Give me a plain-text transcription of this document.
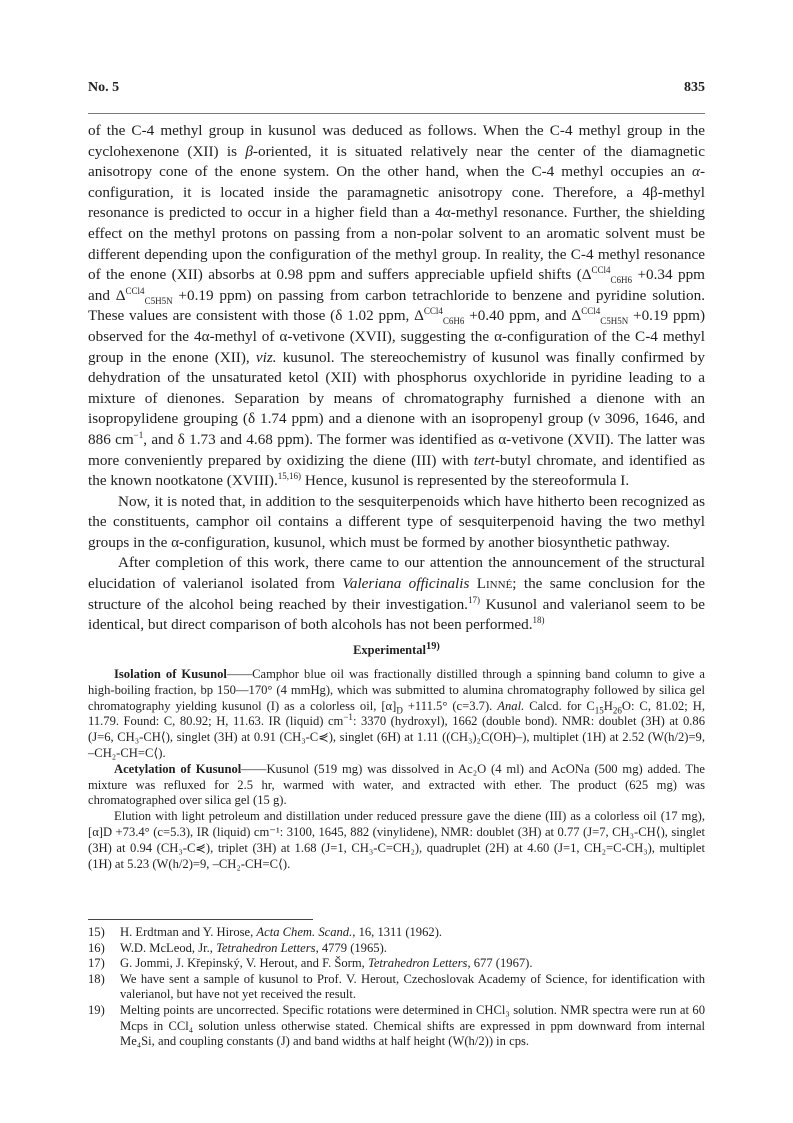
No. 5	835

of the C-4 methyl group in kusunol was deduced as follows. When the C-4 methyl group in the cyclohexenone (XII) is β-oriented, it is situated relatively near the center of the diamagnetic anisotropy cone of the enone system. On the other hand, when the C-4 methyl occupies an α-configuration, it is located inside the paramagnetic anisotropy cone. Therefore, a 4β-methyl resonance is predicted to occur in a higher field than a 4α-methyl resonance. Further, the shielding effect on the methyl protons on passing from a non-polar solvent to an aromatic solvent must be different depending upon the configuration of the methyl group. In reality, the C-4 methyl resonance of the enone (XII) absorbs at 0.98 ppm and suffers appreciable upfield shifts ($\Delta^{CCl4}_{C6H6} +0.34$ ppm and $\Delta^{CCl4}_{C5H5N} +0.19$ ppm) on passing from carbon tetrachloride to benzene and pyridine solution. These values are consistent with those (δ 1.02 ppm, $\Delta^{CCl4}_{C6H6} +0.40$ ppm, and $\Delta^{CCl4}_{C5H5N} +0.19$ ppm) observed for the 4α-methyl of α-vetivone (XVII), suggesting the α-configuration of the C-4 methyl group in the enone (XII), viz. kusunol. The stereochemistry of kusunol was finally confirmed by dehydration of the unsaturated ketol (XII) with phosphorus oxychloride in pyridine leading to a mixture of dienones. Separation by means of chromatography furnished a dienone with an isopropylidene grouping (δ 1.74 ppm) and a dienone with an isopropenyl group (ν 3096, 1646, and 886 $cm^{-1}$, and δ 1.73 and 4.68 ppm). The former was identified as α-vetivone (XVII). The latter was more conveniently prepared by oxidizing the diene (III) with tert-butyl chromate, and identified as the known nootkatone (XVIII).$^{15,16)}$ Hence, kusunol is represented by the stereoformula I.

Now, it is noted that, in addition to the sesquiterpenoids which have hitherto been recognized as the constituents, camphor oil contains a different type of sesquiterpenoid having the two methyl groups in the α-configuration, kusunol, which must be formed by another biosynthetic pathway.

After completion of this work, there came to our attention the announcement of the structural elucidation of valerianol isolated from Valeriana officinalis Linné; the same conclusion for the structure of the alcohol being reached by their investigation.$^{17)}$ Kusunol and valerianol seem to be identical, but direct comparison of both alcohols has not been performed.$^{18)}$

Experimental$^{19)}$

Isolation of Kusunol——Camphor blue oil was fractionally distilled through a spinning band column to give a high-boiling fraction, bp 150—170° (4 mmHg), which was submitted to alumina chromatography followed by silica gel chromatography yielding kusunol (I) as a colorless oil, $[\alpha]_D +111.5^\circ$ (c=3.7). Anal. Calcd. for $C_{15}H_{26}O$: C, 81.02; H, 11.79. Found: C, 80.92; H, 11.63. IR (liquid) $cm^{-1}$: 3370 (hydroxyl), 1662 (double bond). NMR: doublet (3H) at 0.86 (J=6, CH₃-CH⟨), singlet (3H) at 0.91 (CH₃-C⋞), singlet (6H) at 1.11 ((CH₃)₂C(OH)–), multiplet (1H) at 2.52 (W(h/2)=9, –CH₂-CH=C⟨).

Acetylation of Kusunol——Kusunol (519 mg) was dissolved in Ac₂O (4 ml) and AcONa (500 mg) added. The mixture was refluxed for 2.5 hr, warmed with water, and extracted with ether. The product (625 mg) was chromatographed over silica gel (15 g).

Elution with light petroleum and distillation under reduced pressure gave the diene (III) as a colorless oil (17 mg), [α]D +73.4° (c=5.3), IR (liquid) cm⁻¹: 3100, 1645, 882 (vinylidene), NMR: doublet (3H) at 0.77 (J=7, CH₃-CH⟨), singlet (3H) at 0.94 (CH₃-C⋞), triplet (3H) at 1.68 (J=1, CH₃-C=CH₂), quadruplet (2H) at 4.60 (J=1, CH₂=C-CH₃), multiplet (1H) at 5.23 (W(h/2)=9, –CH₂-CH=C⟨).

15) H. Erdtman and Y. Hirose, Acta Chem. Scand., 16, 1311 (1962).
16) W.D. McLeod, Jr., Tetrahedron Letters, 4779 (1965).
17) G. Jommi, J. Křepinský, V. Herout, and F. Šorm, Tetrahedron Letters, 677 (1967).
18) We have sent a sample of kusunol to Prof. V. Herout, Czechoslovak Academy of Science, for identification with valerianol, but have not yet received the result.
19) Melting points are uncorrected. Specific rotations were determined in CHCl₃ solution. NMR spectra were run at 60 Mcps in CCl₄ solution unless otherwise stated. Chemical shifts are expressed in ppm downward from internal Me₄Si, and coupling constants (J) and band widths at half height (W(h/2)) in cps.
